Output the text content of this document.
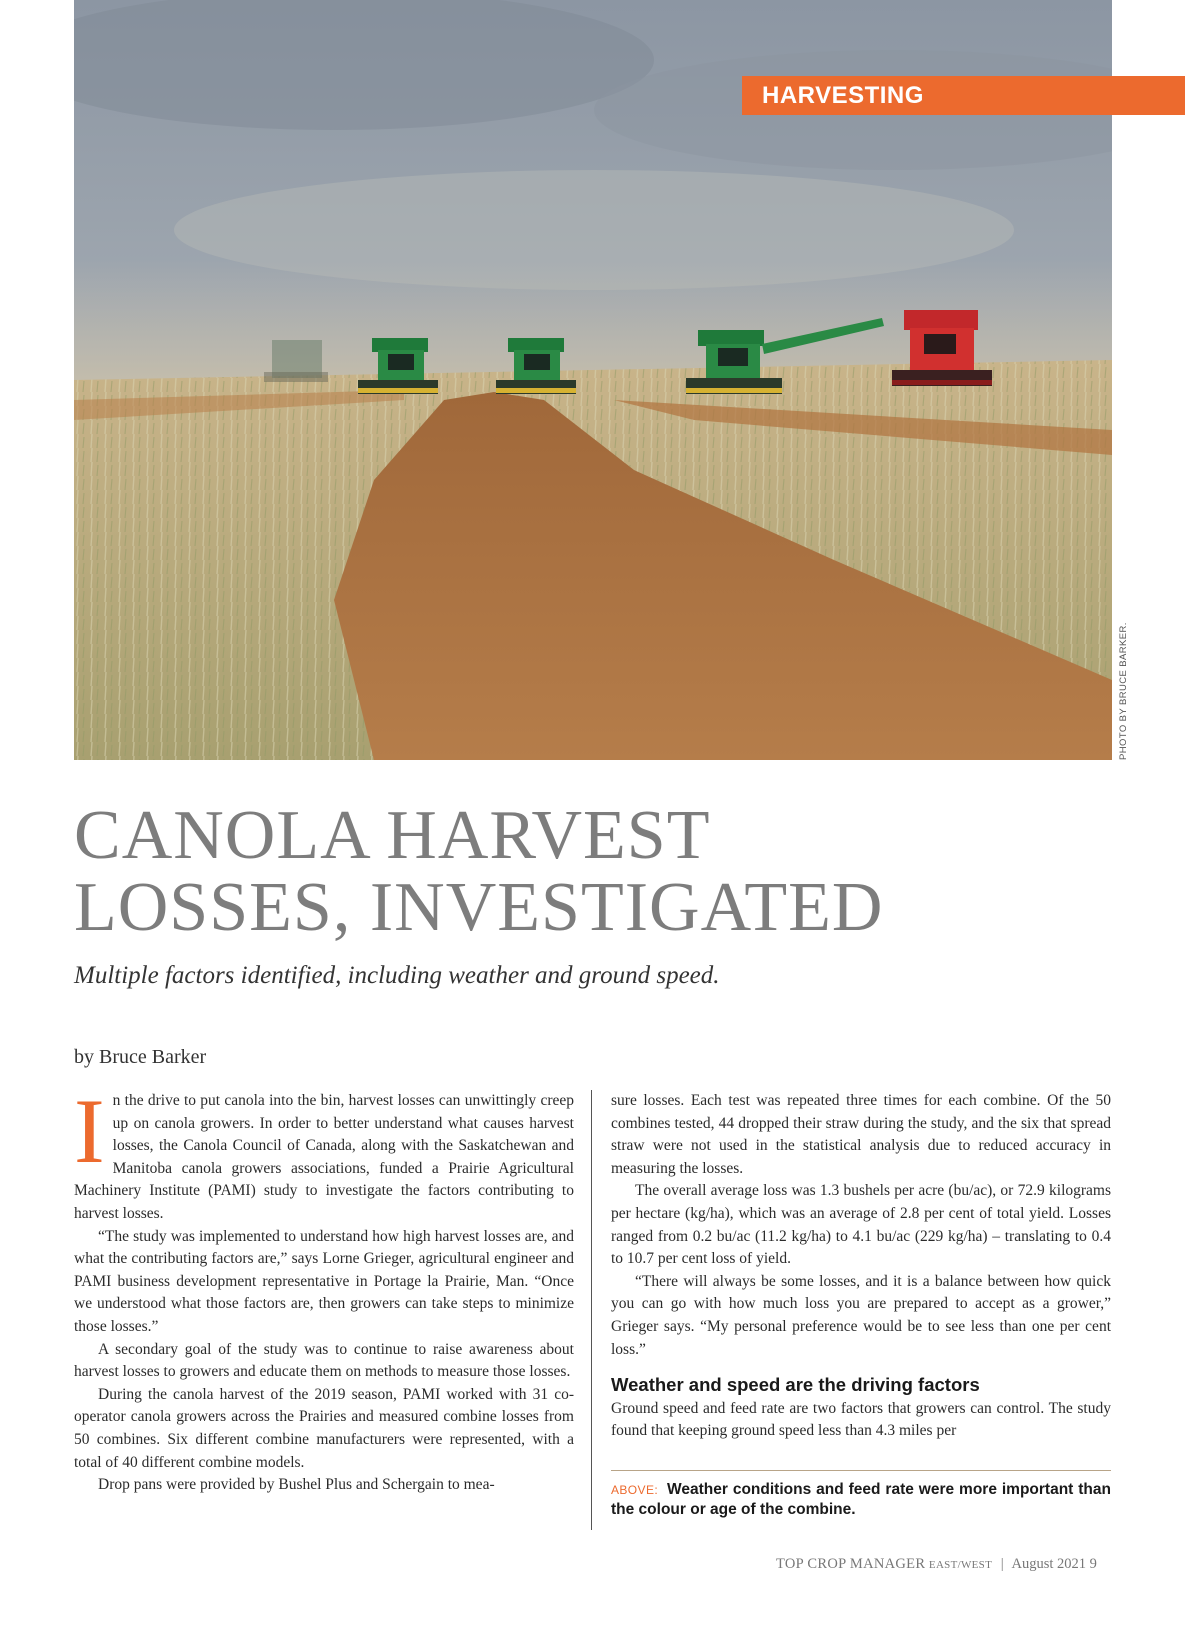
HARVESTING
PHOTO BY BRUCE BARKER.
CANOLA HARVEST
LOSSES, INVESTIGATED

Multiple factors identified, including weather and ground speed.

by Bruce Barker

In the drive to put canola into the bin, harvest losses can unwittingly creep up on canola growers. In order to better understand what causes harvest losses, the Canola Council of Canada, along with the Saskatchewan and Manitoba canola growers associations, funded a Prairie Agricultural Machinery Institute (PAMI) study to investigate the factors contributing to harvest losses.

“The study was implemented to understand how high harvest losses are, and what the contributing factors are,” says Lorne Grieger, agricultural engineer and PAMI business development representative in Portage la Prairie, Man. “Once we understood what those factors are, then growers can take steps to minimize those losses.”

A secondary goal of the study was to continue to raise awareness about harvest losses to growers and educate them on methods to measure those losses.

During the canola harvest of the 2019 season, PAMI worked with 31 co-operator canola growers across the Prairies and measured combine losses from 50 combines. Six different combine manufacturers were represented, with a total of 40 different combine models.

Drop pans were provided by Bushel Plus and Schergain to mea-

sure losses. Each test was repeated three times for each combine. Of the 50 combines tested, 44 dropped their straw during the study, and the six that spread straw were not used in the statistical analysis due to reduced accuracy in measuring the losses.

The overall average loss was 1.3 bushels per acre (bu/ac), or 72.9 kilograms per hectare (kg/ha), which was an average of 2.8 per cent of total yield. Losses ranged from 0.2 bu/ac (11.2 kg/ha) to 4.1 bu/ac (229 kg/ha) – translating to 0.4 to 10.7 per cent loss of yield.

“There will always be some losses, and it is a balance between how quick you can go with how much loss you are prepared to accept as a grower,” Grieger says. “My personal preference would be to see less than one per cent loss.”

Weather and speed are the driving factors

Ground speed and feed rate are two factors that growers can control. The study found that keeping ground speed less than 4.3 miles per

ABOVE: Weather conditions and feed rate were more important than the colour or age of the combine.
TOP CROP MANAGER EAST/WEST | August 2021 9
